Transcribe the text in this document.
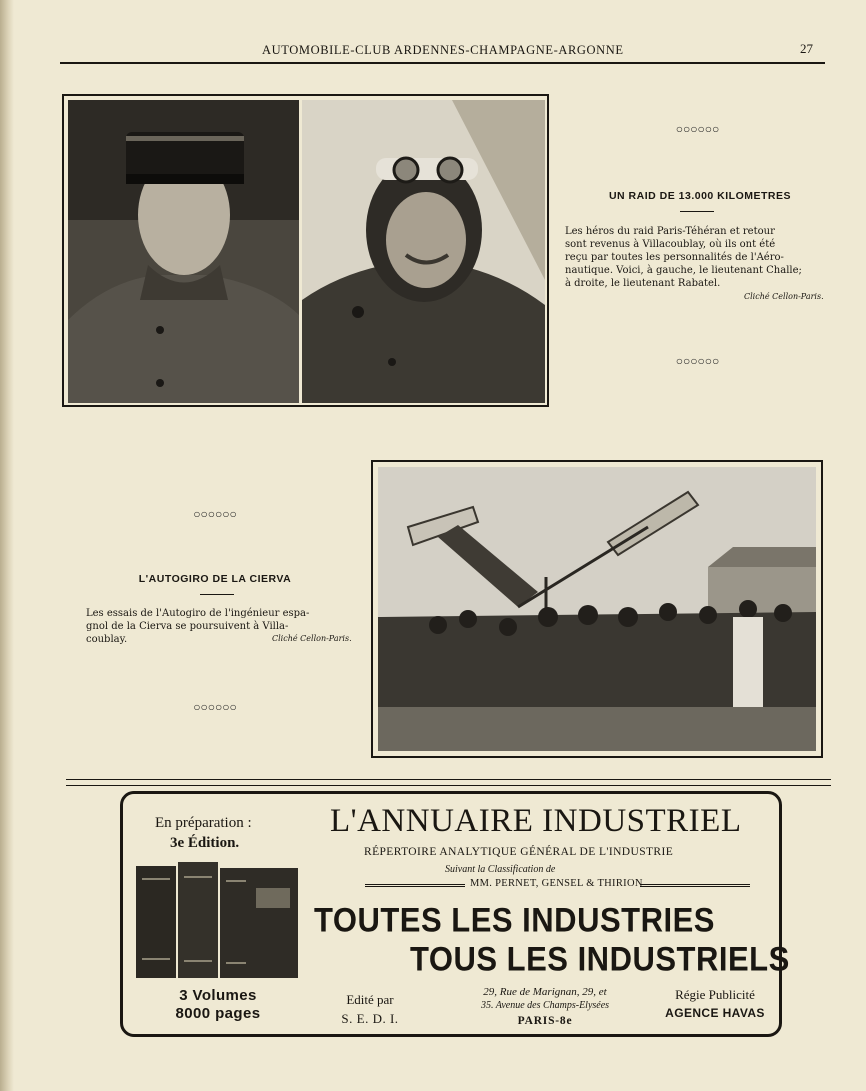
AUTOMOBILE-CLUB ARDENNES-CHAMPAGNE-ARGONNE	27
○○○○○○
UN RAID DE 13.000 KILOMETRES
Les héros du raid Paris-Téhéran et retour
sont revenus à Villacoublay, où ils ont été
reçu par toutes les personnalités de l'Aéro-
nautique. Voici, à gauche, le lieutenant Challe;
à droite, le lieutenant Rabatel.
Cliché Cellon-Paris.
○○○○○○
○○○○○○
L'AUTOGIRO DE LA CIERVA
Les essais de l'Autogiro de l'ingénieur espa-
gnol de la Cierva se poursuivent à Villa-
coublay.	Cliché Cellon-Paris.
○○○○○○
En préparation :
3e Édition.
L'ANNUAIRE INDUSTRIEL
RÉPERTOIRE ANALYTIQUE GÉNÉRAL DE L'INDUSTRIE
Suivant la Classification de
MM. PERNET, GENSEL & THIRION
TOUTES LES INDUSTRIES
TOUS LES INDUSTRIELS
3 Volumes
8000 pages
Edité par
S. E. D. I.
29, Rue de Marignan, 29, et
35. Avenue des Champs-Elysées
PARIS-8e
Régie Publicité
AGENCE HAVAS
